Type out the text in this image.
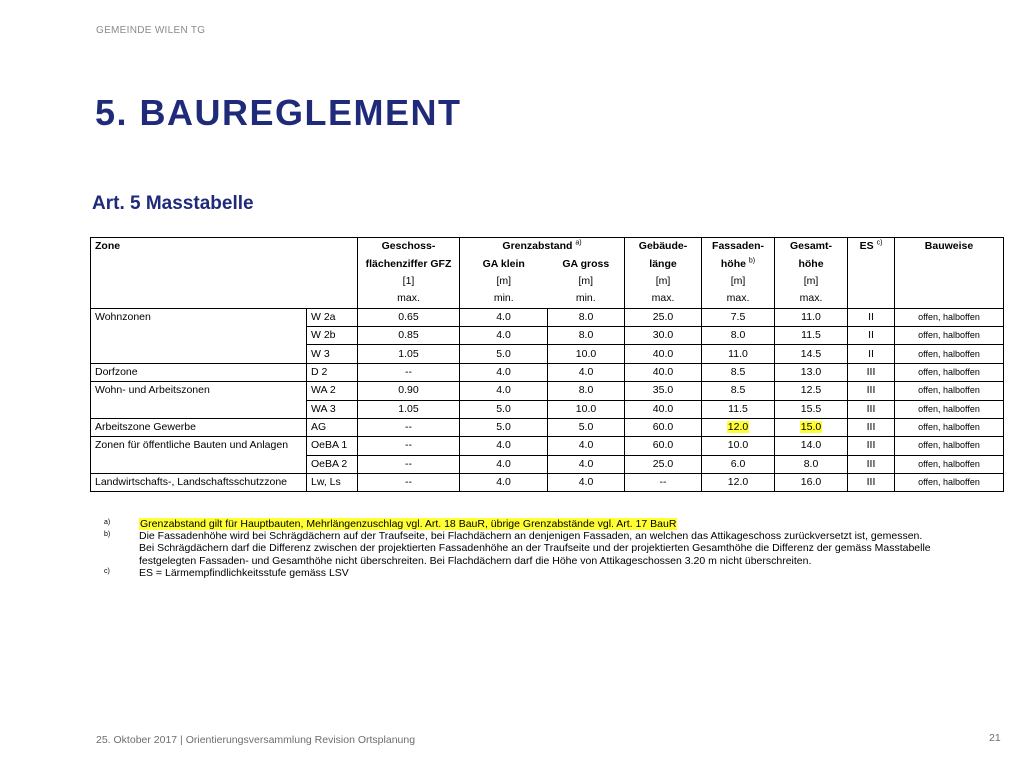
GEMEINDE WILEN TG
5. BAUREGLEMENT
Art. 5 Masstabelle
Zone		Geschoss-	Grenzabstand $^{a)}$		Gebäude-	Fassaden-	Gesamt-	ES $^{c)}$	Bauweise
		flächenziffer GFZ	GA klein	GA gross	länge	höhe $^{b)}$	höhe		
		[1]	[m]	[m]	[m]	[m]	[m]		
		max.	min.	min.	max.	max.	max.		
Wohnzonen	W 2a	0.65	4.0	8.0	25.0	7.5	11.0	II	offen, halboffen
	W 2b	0.85	4.0	8.0	30.0	8.0	11.5	II	offen, halboffen
	W 3	1.05	5.0	10.0	40.0	11.0	14.5	II	offen, halboffen
Dorfzone	D 2	--	4.0	4.0	40.0	8.5	13.0	III	offen, halboffen
Wohn- und Arbeitszonen	WA 2	0.90	4.0	8.0	35.0	8.5	12.5	III	offen, halboffen
	WA 3	1.05	5.0	10.0	40.0	11.5	15.5	III	offen, halboffen
Arbeitszone Gewerbe	AG	--	5.0	5.0	60.0	12.0	15.0	III	offen, halboffen
Zonen für öffentliche Bauten und Anlagen	OeBA 1	--	4.0	4.0	60.0	10.0	14.0	III	offen, halboffen
	OeBA 2	--	4.0	4.0	25.0	6.0	8.0	III	offen, halboffen
Landwirtschafts-, Landschaftsschutzzone	Lw, Ls	--	4.0	4.0	--	12.0	16.0	III	offen, halboffen
a)	Grenzabstand gilt für Hauptbauten, Mehrlängenzuschlag vgl. Art. 18 BauR, übrige Grenzabstände vgl. Art. 17 BauR
b)	Die Fassadenhöhe wird bei Schrägdächern auf der Traufseite, bei Flachdächern an denjenigen Fassaden, an welchen das Attikageschoss zurückversetzt ist, gemessen.
Bei Schrägdächern darf die Differenz zwischen der projektierten Fassadenhöhe an der Traufseite und der projektierten Gesamthöhe die Differenz der gemäss Masstabelle festgelegten Fassaden- und Gesamthöhe nicht überschreiten. Bei Flachdächern darf die Höhe von Attikageschossen 3.20 m nicht überschreiten.
c)	ES = Lärmempfindlichkeitsstufe gemäss LSV
25. Oktober 2017 | Orientierungsversammlung Revision Ortsplanung	21
